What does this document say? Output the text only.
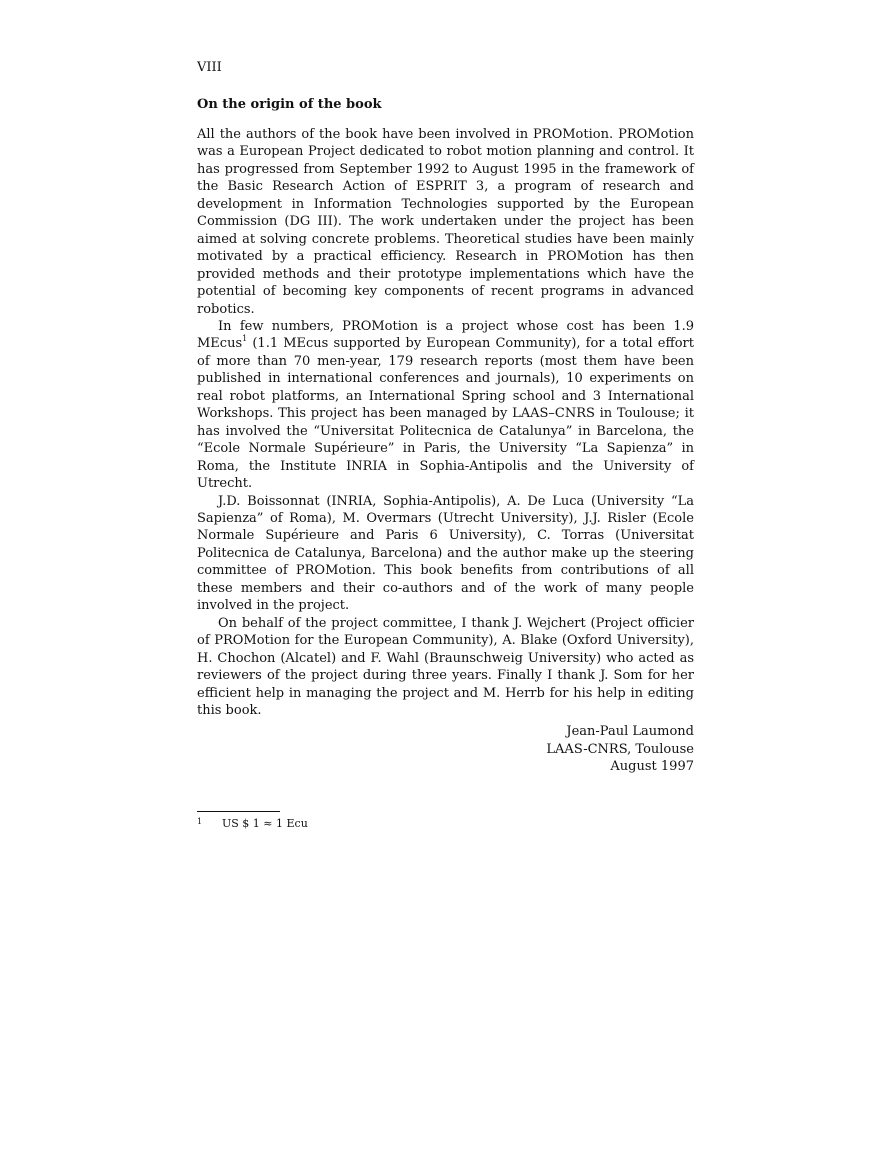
VIII
On the origin of the book

All the authors of the book have been involved in PROMotion. PROMotion was a European Project dedicated to robot motion planning and control. It has progressed from September 1992 to August 1995 in the framework of the Basic Research Action of ESPRIT 3, a program of research and development in Information Technologies supported by the European Commission (DG III). The work undertaken under the project has been aimed at solving concrete problems. Theoretical studies have been mainly motivated by a practical efficiency. Research in PROMotion has then provided methods and their prototype implementations which have the potential of becoming key components of recent programs in advanced robotics.

In few numbers, PROMotion is a project whose cost has been 1.9 MEcus$^1$ (1.1 MEcus supported by European Community), for a total effort of more than 70 men-year, 179 research reports (most them have been published in international conferences and journals), 10 experiments on real robot platforms, an International Spring school and 3 International Workshops. This project has been managed by LAAS–CNRS in Toulouse; it has involved the “Universitat Politecnica de Catalunya” in Barcelona, the “Ecole Normale Supérieure” in Paris, the University “La Sapienza” in Roma, the Institute INRIA in Sophia-Antipolis and the University of Utrecht.

J.D. Boissonnat (INRIA, Sophia-Antipolis), A. De Luca (University “La Sapienza” of Roma), M. Overmars (Utrecht University), J.J. Risler (Ecole Normale Supérieure and Paris 6 University), C. Torras (Universitat Politecnica de Catalunya, Barcelona) and the author make up the steering committee of PROMotion. This book benefits from contributions of all these members and their co-authors and of the work of many people involved in the project.

On behalf of the project committee, I thank J. Wejchert (Project officier of PROMotion for the European Community), A. Blake (Oxford University), H. Chochon (Alcatel) and F. Wahl (Braunschweig University) who acted as reviewers of the project during three years. Finally I thank J. Som for her efficient help in managing the project and M. Herrb for his help in editing this book.

Jean-Paul Laumond
LAAS-CNRS, Toulouse
August 1997
1 US $ 1 ≈ 1 Ecu
